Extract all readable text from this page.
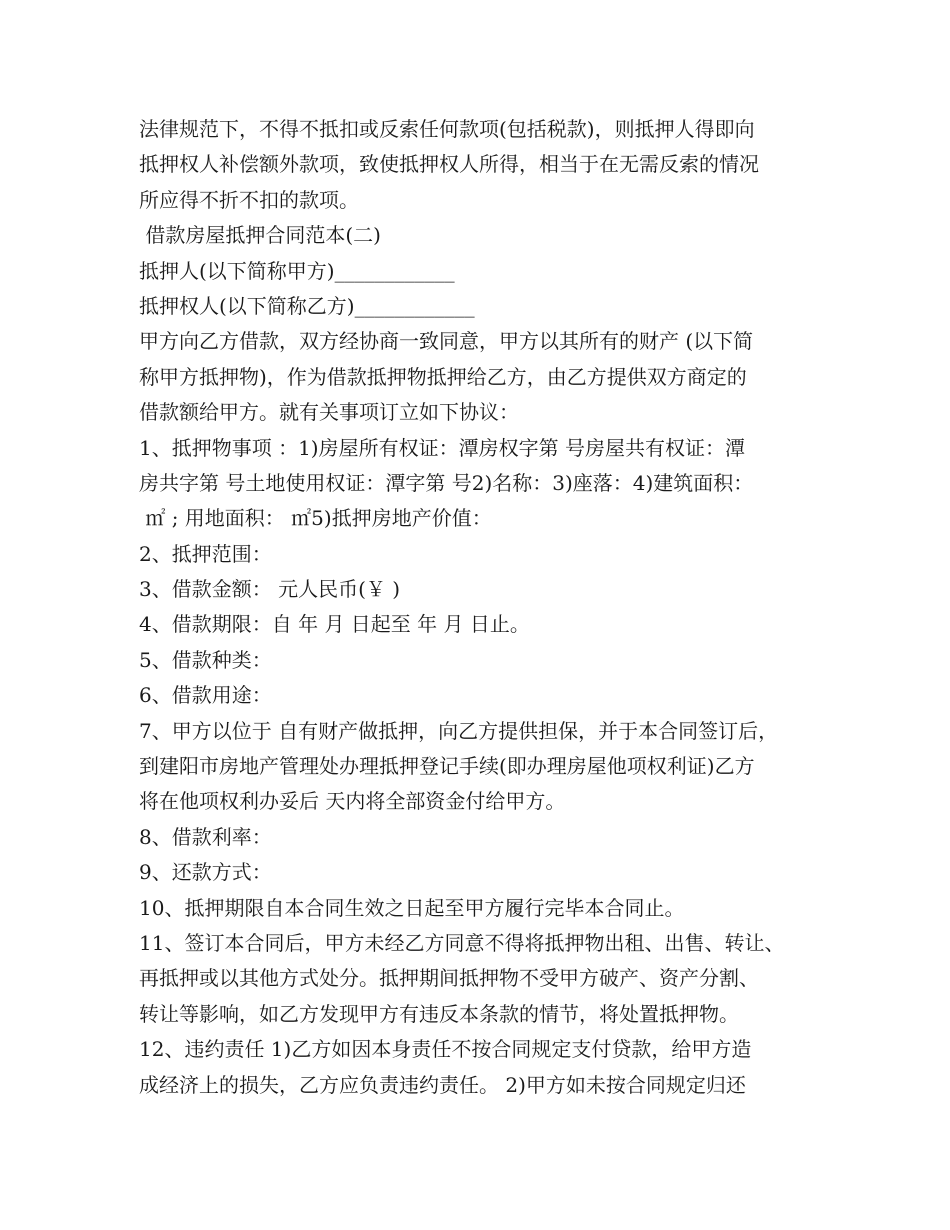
法律规范下，不得不抵扣或反索任何款项(包括税款)，则抵押人得即向
抵押权人补偿额外款项，致使抵押权人所得，相当于在无需反索的情况
所应得不折不扣的款项。
借款房屋抵押合同范本(二)
抵押人(以下简称甲方)____________
抵押权人(以下简称乙方)____________
甲方向乙方借款，双方经协商一致同意，甲方以其所有的财产 (以下简
称甲方抵押物)，作为借款抵押物抵押给乙方，由乙方提供双方商定的
借款额给甲方。就有关事项订立如下协议：
1、抵押物事项 ：1)房屋所有权证：潭房权字第 号房屋共有权证：潭
房共字第 号土地使用权证：潭字第 号2)名称：3)座落：4)建筑面积：
㎡ ; 用地面积： ㎡5)抵押房地产价值：
2、抵押范围：
3、借款金额： 元人民币(￥ )
4、借款期限：自 年 月 日起至 年 月 日止。
5、借款种类：
6、借款用途：
7、甲方以位于 自有财产做抵押，向乙方提供担保，并于本合同签订后，
到建阳市房地产管理处办理抵押登记手续(即办理房屋他项权利证)乙方
将在他项权利办妥后 天内将全部资金付给甲方。
8、借款利率：
9、还款方式：
10、抵押期限自本合同生效之日起至甲方履行完毕本合同止。
11、签订本合同后，甲方未经乙方同意不得将抵押物出租、出售、转让、
再抵押或以其他方式处分。抵押期间抵押物不受甲方破产、资产分割、
转让等影响，如乙方发现甲方有违反本条款的情节，将处置抵押物。
12、违约责任 1)乙方如因本身责任不按合同规定支付贷款，给甲方造
成经济上的损失，乙方应负责违约责任。 2)甲方如未按合同规定归还
